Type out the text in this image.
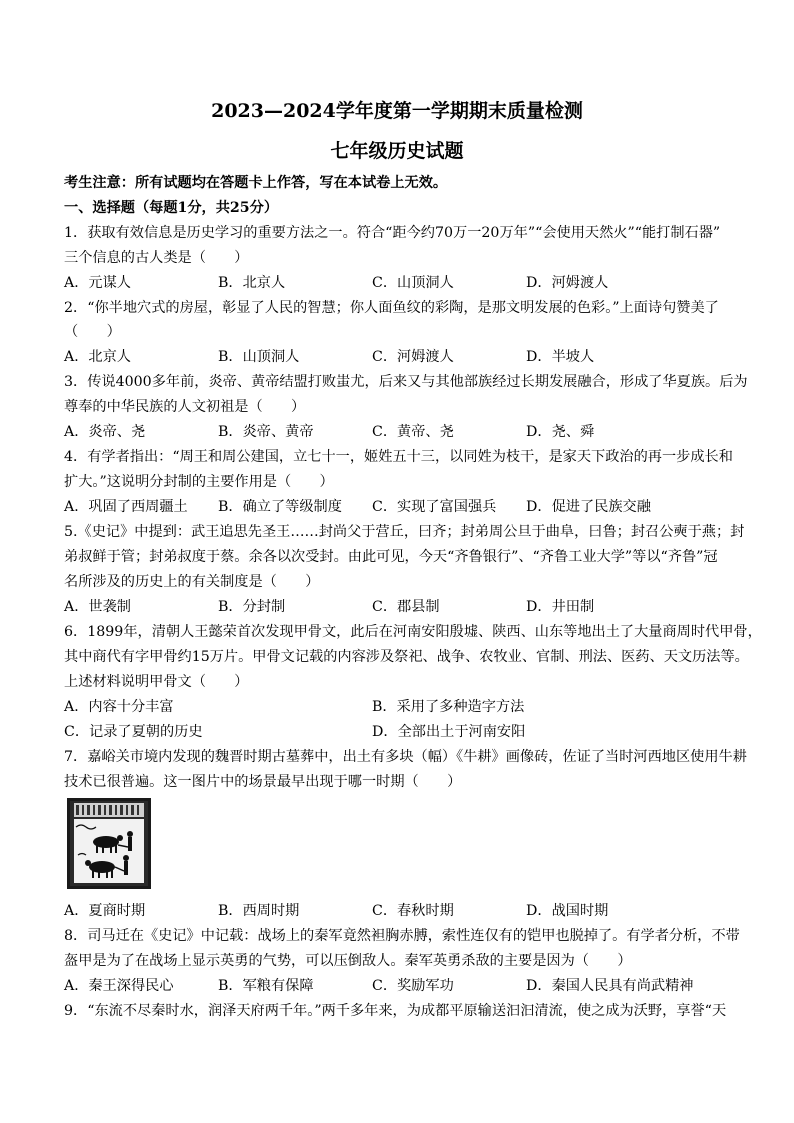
2023—2024学年度第一学期期末质量检测
七年级历史试题
考生注意：所有试题均在答题卡上作答，写在本试卷上无效。
一、选择题（每题1分，共25分）
1．获取有效信息是历史学习的重要方法之一。符合“距今约70万一20万年”“会使用天然火”“能打制石器”
三个信息的古人类是（　　）
A．元谋人	B．北京人	C．山顶洞人	D．河姆渡人
2．“你半地穴式的房屋，彰显了人民的智慧；你人面鱼纹的彩陶，是那文明发展的色彩。”上面诗句赞美了
（　　）
A．北京人	B．山顶洞人	C．河姆渡人	D．半坡人
3．传说4000多年前，炎帝、黄帝结盟打败蚩尤，后来又与其他部族经过长期发展融合，形成了华夏族。后为
尊奉的中华民族的人文初祖是（　　）
A．炎帝、尧	B．炎帝、黄帝	C．黄帝、尧	D．尧、舜
4．有学者指出：“周王和周公建国，立七十一，姬姓五十三，以同姓为枝干，是家天下政治的再一步成长和
扩大。”这说明分封制的主要作用是（　　）
A．巩固了西周疆土 B．确立了等级制度 C．实现了富国强兵 D．促进了民族交融
5.《史记》中提到：武王追思先圣王……封尚父于营丘，曰齐；封弟周公旦于曲阜，曰鲁；封召公奭于燕；封
弟叔鲜于管；封弟叔度于蔡。余各以次受封。由此可见，今天“齐鲁银行”、“齐鲁工业大学”等以“齐鲁”冠
名所涉及的历史上的有关制度是（　　）
A．世袭制	B．分封制	C．郡县制	D．井田制
6．1899年，清朝人王懿荣首次发现甲骨文，此后在河南安阳殷墟、陕西、山东等地出土了大量商周时代甲骨，
其中商代有字甲骨约15万片。甲骨文记载的内容涉及祭祀、战争、农牧业、官制、刑法、医药、天文历法等。
上述材料说明甲骨文（　　）
A．内容十分丰富	B．采用了多种造字方法
C．记录了夏朝的历史	D．全部出土于河南安阳
7．嘉峪关市境内发现的魏晋时期古墓葬中，出土有多块（幅）《牛耕》画像砖，佐证了当时河西地区使用牛耕
技术已很普遍。这一图片中的场景最早出现于哪一时期（　　）
A．夏商时期	B．西周时期	C．春秋时期	D．战国时期
8．司马迁在《史记》中记载：战场上的秦军竟然袒胸赤膊，索性连仅有的铠甲也脱掉了。有学者分析，不带
盔甲是为了在战场上显示英勇的气势，可以压倒敌人。秦军英勇杀敌的主要是因为（　　）
A．秦王深得民心	B．军粮有保障	C．奖励军功	D．秦国人民具有尚武精神
9．“东流不尽秦时水，润泽天府两千年。”两千多年来，为成都平原输送汩汩清流，使之成为沃野，享誉“天
